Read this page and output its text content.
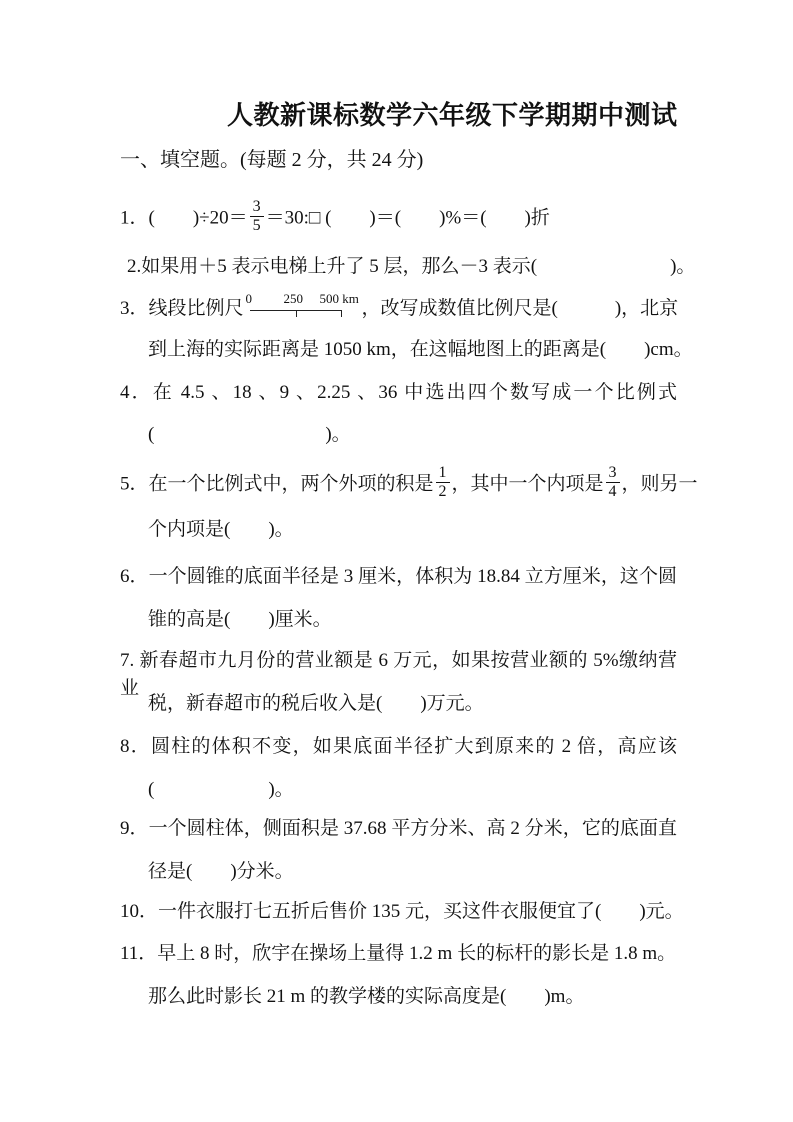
人教新课标数学六年级下学期期中测试
一、填空题。(每题 2 分，共 24 分)
1．(　　)$\div 20= \frac{3}{5}$ ＝30:□ (　　)＝(　　)%＝(　　)折
2.如果用＋5 表示电梯上升了 5 层，那么－3 表示(　　　　　　　)。
3．线段比例尺 0 250 500 km ，改写成数值比例尺是(　　　)，北京
到上海的实际距离是 1050 km，在这幅地图上的距离是(　　)cm。
4．在 4.5 、18 、9 、2.25 、36 中选出四个数写成一个比例式
(　　　　　　　　　)。
5．在一个比例式中，两个外项的积是 $\frac{1}{2}$ ，其中一个内项是 $\frac{3}{4}$ ，则另一
个内项是(　　)。
6．一个圆锥的底面半径是 3 厘米，体积为 18.84 立方厘米，这个圆
锥的高是(　　)厘米。
7. 新春超市九月份的营业额是 6 万元，如果按营业额的 5%缴纳营业
税，新春超市的税后收入是(　　)万元。
8．圆柱的体积不变，如果底面半径扩大到原来的 2 倍，高应该
(　　　　　　)。
9．一个圆柱体，侧面积是 37.68 平方分米、高 2 分米，它的底面直
径是(　　)分米。
10．一件衣服打七五折后售价 135 元，买这件衣服便宜了(　　)元。
11．早上 8 时，欣宇在操场上量得 1.2 m 长的标杆的影长是 1.8 m。
那么此时影长 21 m 的教学楼的实际高度是(　　)m。
